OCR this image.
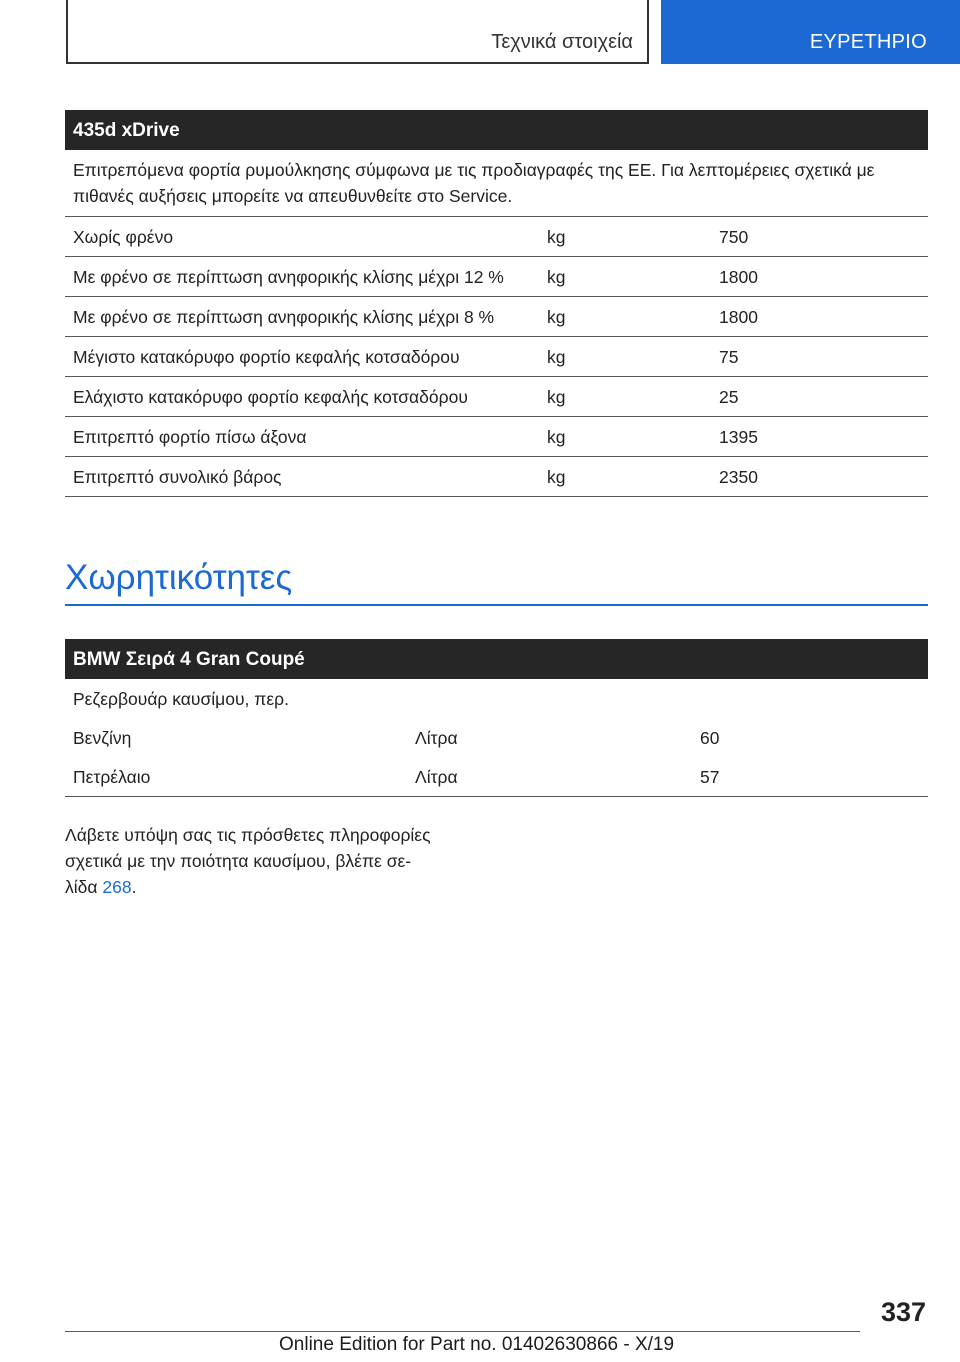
Τεχνικά στοιχεία	ΕΥΡΕΤΗΡΙΟ
435d xDrive
Επιτρεπόμενα φορτία ρυμούλκησης σύμφωνα με τις προδιαγραφές της ΕΕ. Για λεπτομέρειες σχετικά με πιθανές αυξήσεις μπορείτε να απευθυνθείτε στο Service.
Χωρίς φρένο	kg	750
Με φρένο σε περίπτωση ανηφορικής κλίσης μέχρι 12 %	kg	1800
Με φρένο σε περίπτωση ανηφορικής κλίσης μέχρι 8 %	kg	1800
Μέγιστο κατακόρυφο φορτίο κεφαλής κοτσαδόρου	kg	75
Ελάχιστο κατακόρυφο φορτίο κεφαλής κοτσαδόρου	kg	25
Επιτρεπτό φορτίο πίσω άξονα	kg	1395
Επιτρεπτό συνολικό βάρος	kg	2350
Χωρητικότητες
BMW Σειρά 4 Gran Coupé
Ρεζερβουάρ καυσίμου, περ.
Βενζίνη	Λίτρα	60
Πετρέλαιο	Λίτρα	57
Λάβετε υπόψη σας τις πρόσθετες πληροφορίες
σχετικά με την ποιότητα καυσίμου, βλέπε σε-
λίδα 268.
337
Online Edition for Part no. 01402630866 - X/19
